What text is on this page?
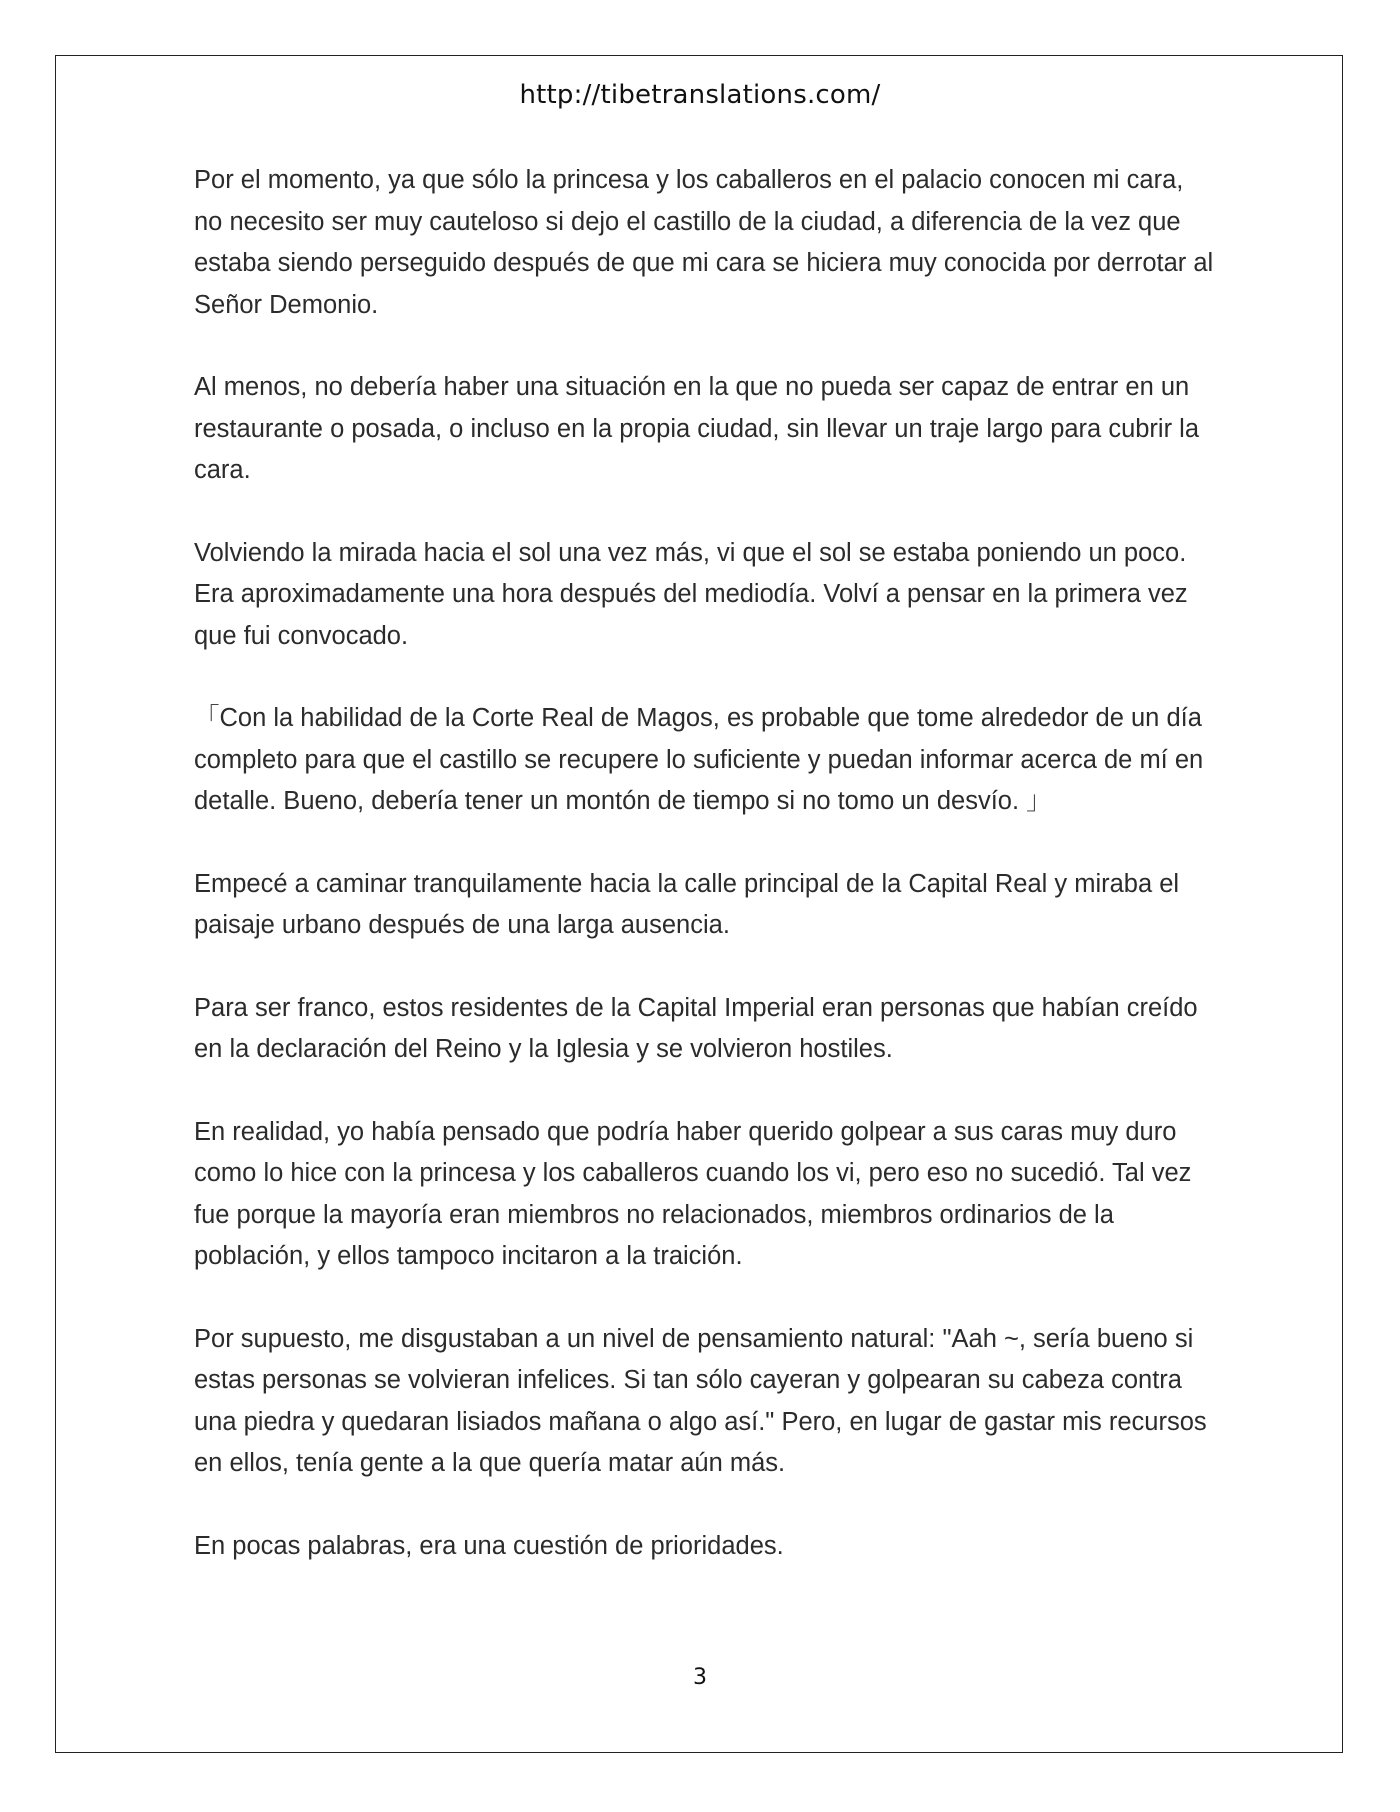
http://tibetranslations.com/

Por el momento, ya que sólo la princesa y los caballeros en el palacio conocen mi cara, no necesito ser muy cauteloso si dejo el castillo de la ciudad, a diferencia de la vez que estaba siendo perseguido después de que mi cara se hiciera muy conocida por derrotar al Señor Demonio.

Al menos, no debería haber una situación en la que no pueda ser capaz de entrar en un restaurante o posada, o incluso en la propia ciudad, sin llevar un traje largo para cubrir la cara.

Volviendo la mirada hacia el sol una vez más, vi que el sol se estaba poniendo un poco. Era aproximadamente una hora después del mediodía. Volví a pensar en la primera vez que fui convocado.

「Con la habilidad de la Corte Real de Magos, es probable que tome alrededor de un día completo para que el castillo se recupere lo suficiente y puedan informar acerca de mí en detalle. Bueno, debería tener un montón de tiempo si no tomo un desvío. 」

Empecé a caminar tranquilamente hacia la calle principal de la Capital Real y miraba el paisaje urbano después de una larga ausencia.

Para ser franco, estos residentes de la Capital Imperial eran personas que habían creído en la declaración del Reino y la Iglesia y se volvieron hostiles.

En realidad, yo había pensado que podría haber querido golpear a sus caras muy duro como lo hice con la princesa y los caballeros cuando los vi, pero eso no sucedió. Tal vez fue porque la mayoría eran miembros no relacionados, miembros ordinarios de la población, y ellos tampoco incitaron a la traición.

Por supuesto, me disgustaban a un nivel de pensamiento natural: "Aah ~, sería bueno si estas personas se volvieran infelices. Si tan sólo cayeran y golpearan su cabeza contra una piedra y quedaran lisiados mañana o algo así." Pero, en lugar de gastar mis recursos en ellos, tenía gente a la que quería matar aún más.

En pocas palabras, era una cuestión de prioridades.

3
